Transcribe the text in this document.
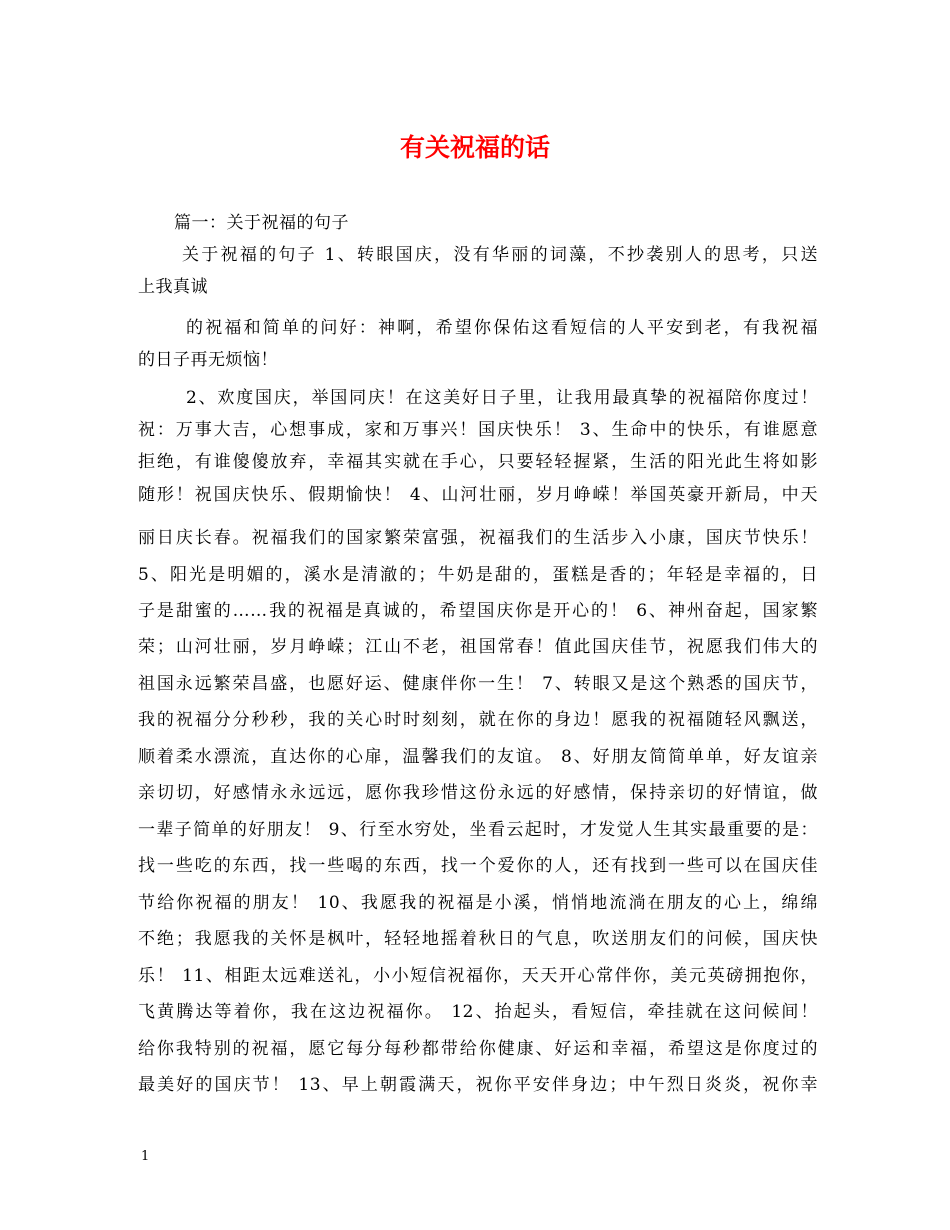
有关祝福的话
篇一：关于祝福的句子
关于祝福的句子 1、转眼国庆，没有华丽的词藻，不抄袭别人的思考，只送
上我真诚
的祝福和简单的问好：神啊，希望你保佑这看短信的人平安到老，有我祝福
的日子再无烦恼！
2、欢度国庆，举国同庆！在这美好日子里，让我用最真挚的祝福陪你度过！
祝：万事大吉，心想事成，家和万事兴！国庆快乐！ 3、生命中的快乐，有谁愿意
拒绝，有谁傻傻放弃，幸福其实就在手心，只要轻轻握紧，生活的阳光此生将如影
随形！祝国庆快乐、假期愉快！ 4、山河壮丽，岁月峥嵘！举国英豪开新局，中天
丽日庆长春。祝福我们的国家繁荣富强，祝福我们的生活步入小康，国庆节快乐！
5、阳光是明媚的，溪水是清澈的；牛奶是甜的，蛋糕是香的；年轻是幸福的，日
子是甜蜜的……我的祝福是真诚的，希望国庆你是开心的！ 6、神州奋起，国家繁
荣；山河壮丽，岁月峥嵘；江山不老，祖国常春！值此国庆佳节，祝愿我们伟大的
祖国永远繁荣昌盛，也愿好运、健康伴你一生！ 7、转眼又是这个熟悉的国庆节，
我的祝福分分秒秒，我的关心时时刻刻，就在你的身边！愿我的祝福随轻风飘送，
顺着柔水漂流，直达你的心扉，温馨我们的友谊。 8、好朋友简简单单，好友谊亲
亲切切，好感情永永远远，愿你我珍惜这份永远的好感情，保持亲切的好情谊，做
一辈子简单的好朋友！ 9、行至水穷处，坐看云起时，才发觉人生其实最重要的是：
找一些吃的东西，找一些喝的东西，找一个爱你的人，还有找到一些可以在国庆佳
节给你祝福的朋友！ 10、我愿我的祝福是小溪，悄悄地流淌在朋友的心上，绵绵
不绝；我愿我的关怀是枫叶，轻轻地摇着秋日的气息，吹送朋友们的问候，国庆快
乐！ 11、相距太远难送礼，小小短信祝福你，天天开心常伴你，美元英磅拥抱你，
飞黄腾达等着你，我在这边祝福你。 12、抬起头，看短信，牵挂就在这问候间！
给你我特别的祝福，愿它每分每秒都带给你健康、好运和幸福，希望这是你度过的
最美好的国庆节！ 13、早上朝霞满天，祝你平安伴身边；中午烈日炎炎，祝你幸
1
